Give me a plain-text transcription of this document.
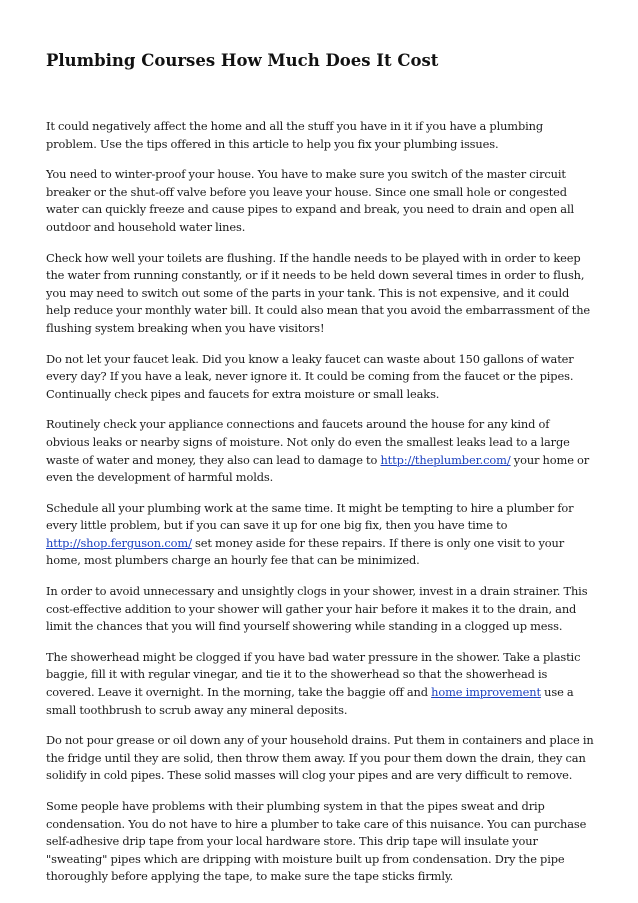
Plumbing Courses How Much Does It Cost

It could negatively affect the home and all the stuff you have in it if you have a plumbing problem. Use the tips offered in this article to help you fix your plumbing issues.

You need to winter-proof your house. You have to make sure you switch of the master circuit breaker or the shut-off valve before you leave your house. Since one small hole or congested water can quickly freeze and cause pipes to expand and break, you need to drain and open all outdoor and household water lines.

Check how well your toilets are flushing. If the handle needs to be played with in order to keep the water from running constantly, or if it needs to be held down several times in order to flush, you may need to switch out some of the parts in your tank. This is not expensive, and it could help reduce your monthly water bill. It could also mean that you avoid the embarrassment of the flushing system breaking when you have visitors!

Do not let your faucet leak. Did you know a leaky faucet can waste about 150 gallons of water every day? If you have a leak, never ignore it. It could be coming from the faucet or the pipes. Continually check pipes and faucets for extra moisture or small leaks.

Routinely check your appliance connections and faucets around the house for any kind of obvious leaks or nearby signs of moisture. Not only do even the smallest leaks lead to a large waste of water and money, they also can lead to damage to http://theplumber.com/ your home or even the development of harmful molds.

Schedule all your plumbing work at the same time. It might be tempting to hire a plumber for every little problem, but if you can save it up for one big fix, then you have time to http://shop.ferguson.com/ set money aside for these repairs. If there is only one visit to your home, most plumbers charge an hourly fee that can be minimized.

In order to avoid unnecessary and unsightly clogs in your shower, invest in a drain strainer. This cost-effective addition to your shower will gather your hair before it makes it to the drain, and limit the chances that you will find yourself showering while standing in a clogged up mess.

The showerhead might be clogged if you have bad water pressure in the shower. Take a plastic baggie, fill it with regular vinegar, and tie it to the showerhead so that the showerhead is covered. Leave it overnight. In the morning, take the baggie off and home improvement use a small toothbrush to scrub away any mineral deposits.

Do not pour grease or oil down any of your household drains. Put them in containers and place in the fridge until they are solid, then throw them away. If you pour them down the drain, they can solidify in cold pipes. These solid masses will clog your pipes and are very difficult to remove.

Some people have problems with their plumbing system in that the pipes sweat and drip condensation. You do not have to hire a plumber to take care of this nuisance. You can purchase self-adhesive drip tape from your local hardware store. This drip tape will insulate your "sweating" pipes which are dripping with moisture built up from condensation. Dry the pipe thoroughly before applying the tape, to make sure the tape sticks firmly.
